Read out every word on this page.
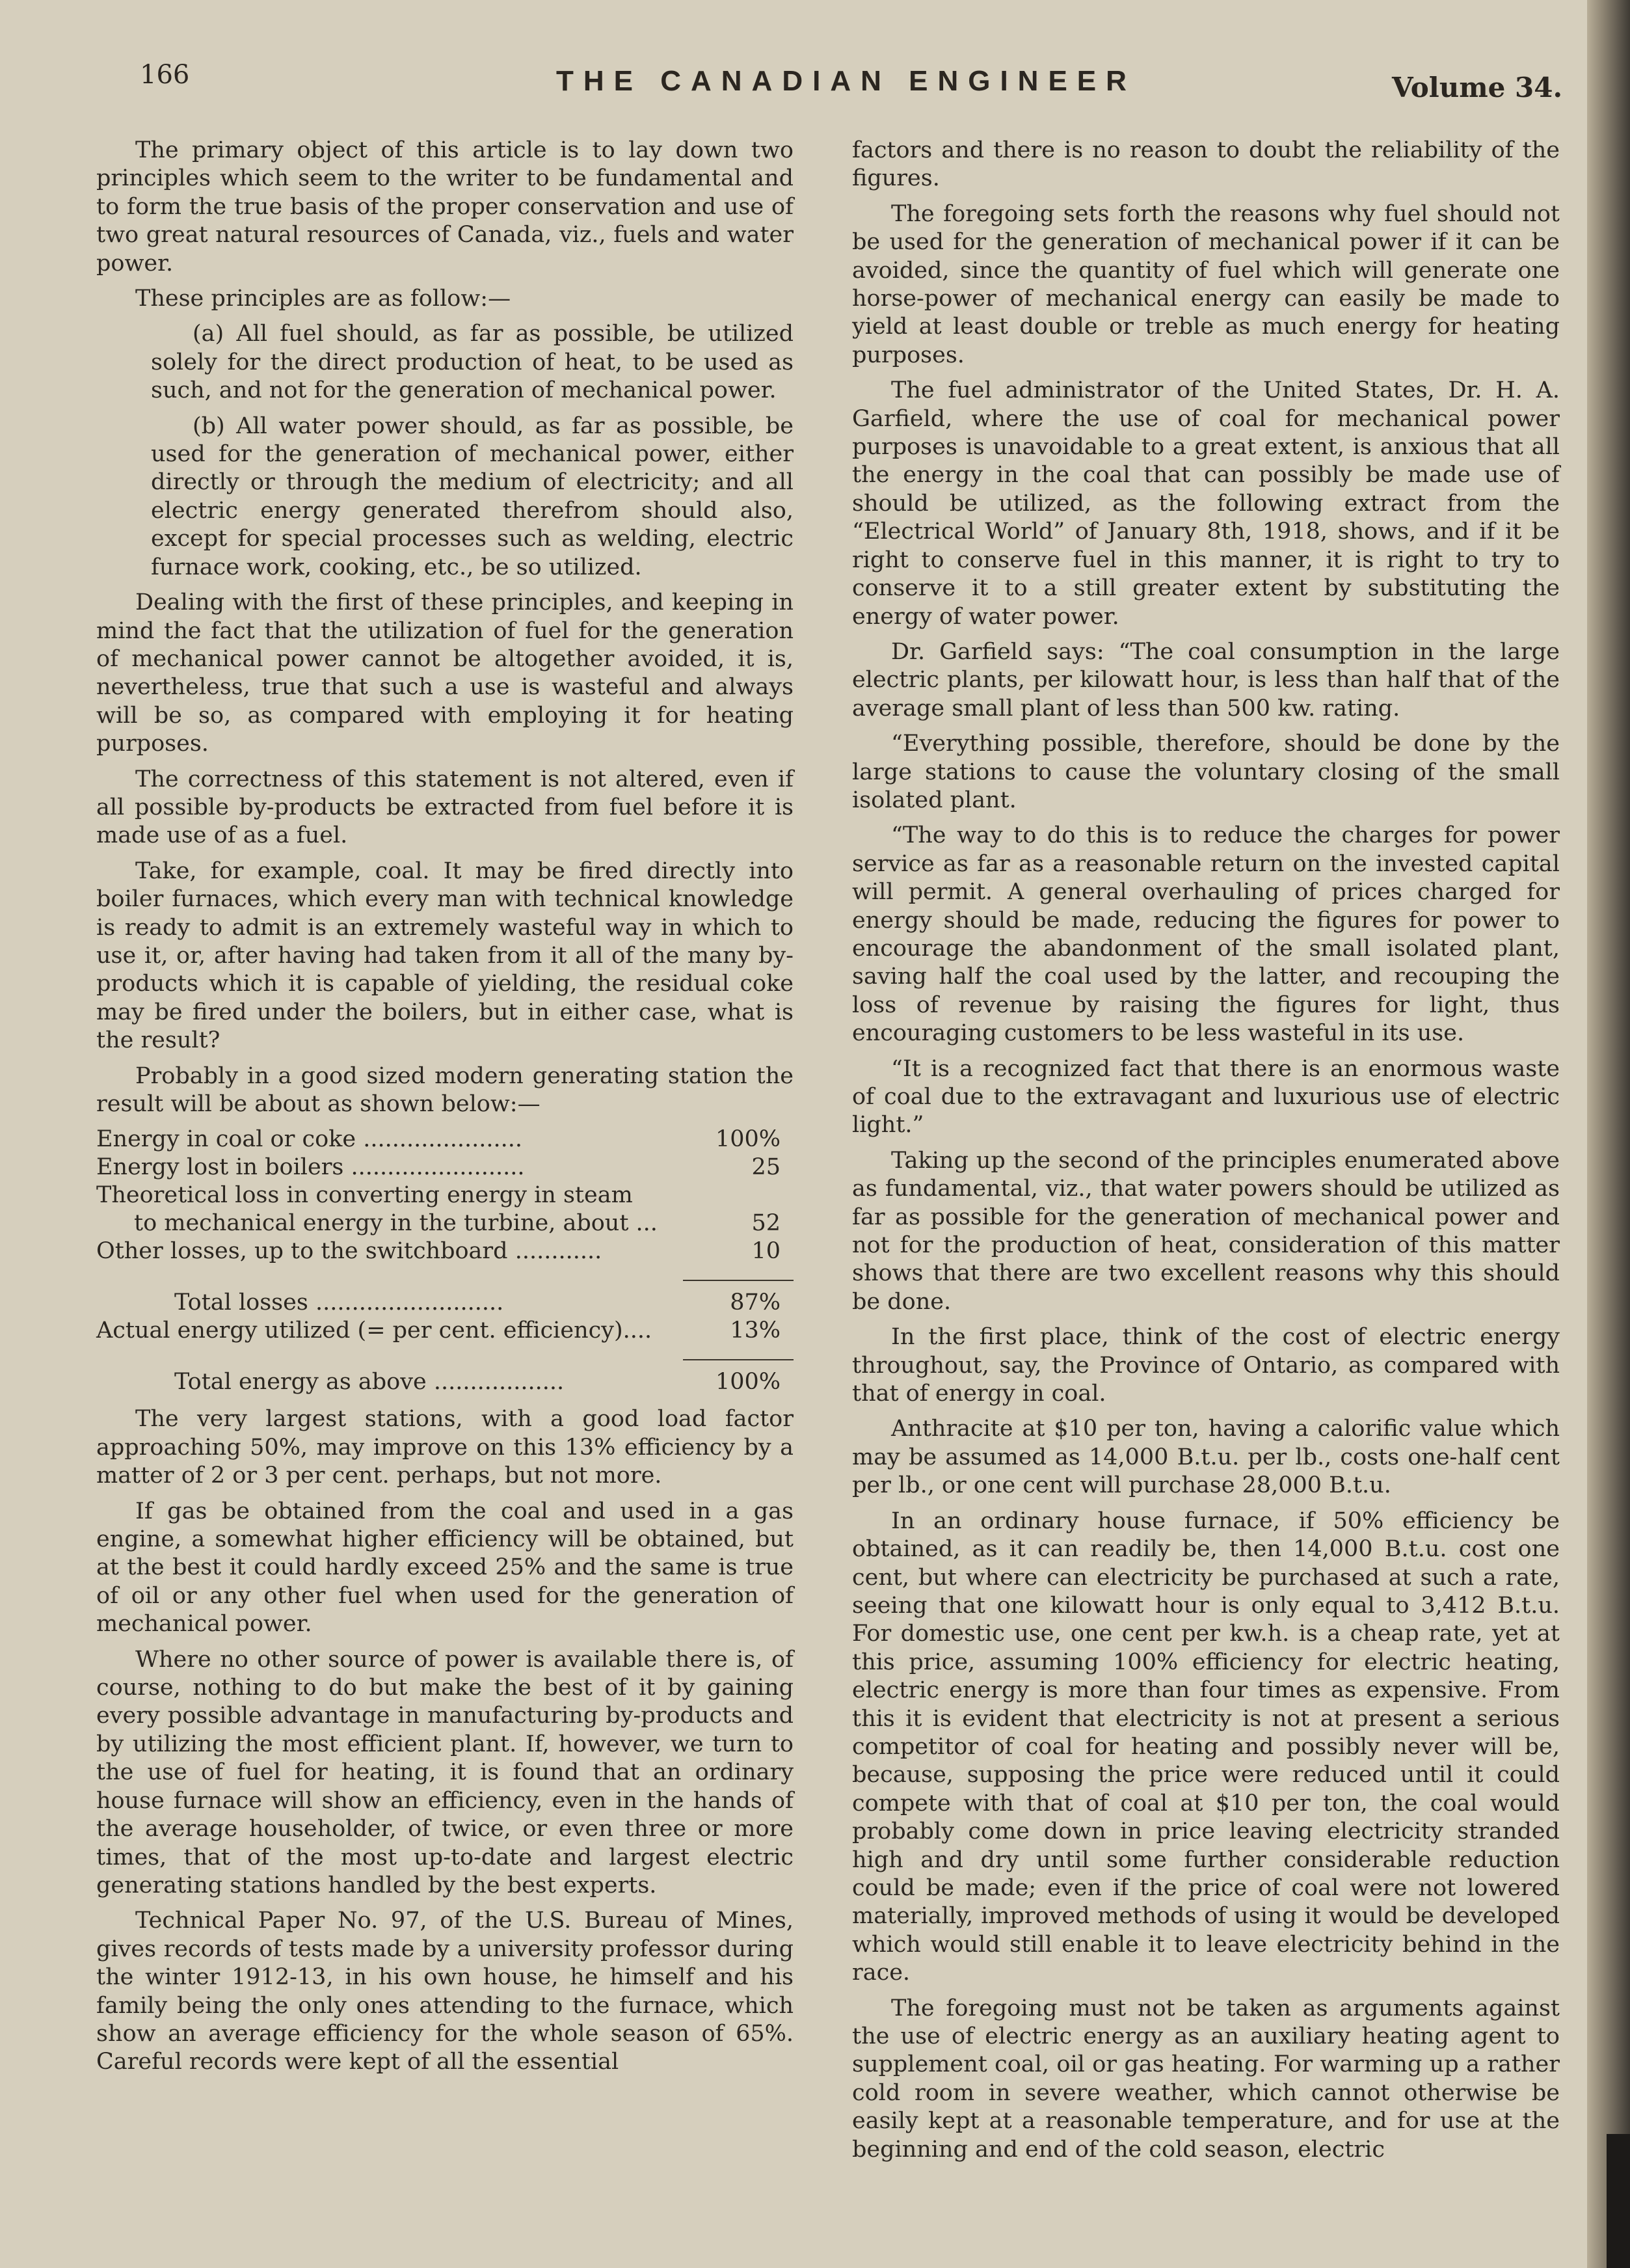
166	THE CANADIAN ENGINEER	Volume 34.

The primary object of this article is to lay down two principles which seem to the writer to be fundamental and to form the true basis of the proper conservation and use of two great natural resources of Canada, viz., fuels and water power.

These principles are as follow:—

(a) All fuel should, as far as possible, be utilized solely for the direct production of heat, to be used as such, and not for the generation of mechanical power.

(b) All water power should, as far as possible, be used for the generation of mechanical power, either directly or through the medium of electricity; and all electric energy generated therefrom should also, except for special processes such as welding, electric furnace work, cooking, etc., be so utilized.

Dealing with the first of these principles, and keeping in mind the fact that the utilization of fuel for the generation of mechanical power cannot be altogether avoided, it is, nevertheless, true that such a use is wasteful and always will be so, as compared with employing it for heating purposes.

The correctness of this statement is not altered, even if all possible by-products be extracted from fuel before it is made use of as a fuel.

Take, for example, coal. It may be fired directly into boiler furnaces, which every man with technical knowledge is ready to admit is an extremely wasteful way in which to use it, or, after having had taken from it all of the many by-products which it is capable of yielding, the residual coke may be fired under the boilers, but in either case, what is the result?

Probably in a good sized modern generating station the result will be about as shown below:—

Energy in coal or coke ......................	100%
Energy lost in boilers ........................	25
Theoretical loss in converting energy in steam	
to mechanical energy in the turbine, about ...	52
Other losses, up to the switchboard ............	10

Total losses ..........................	87%
Actual energy utilized (= per cent. efficiency)....	13%

Total energy as above ..................	100%

The very largest stations, with a good load factor approaching 50%, may improve on this 13% efficiency by a matter of 2 or 3 per cent. perhaps, but not more.

If gas be obtained from the coal and used in a gas engine, a somewhat higher efficiency will be obtained, but at the best it could hardly exceed 25% and the same is true of oil or any other fuel when used for the generation of mechanical power.

Where no other source of power is available there is, of course, nothing to do but make the best of it by gaining every possible advantage in manufacturing by-products and by utilizing the most efficient plant. If, however, we turn to the use of fuel for heating, it is found that an ordinary house furnace will show an efficiency, even in the hands of the average householder, of twice, or even three or more times, that of the most up-to-date and largest electric generating stations handled by the best experts.

Technical Paper No. 97, of the U.S. Bureau of Mines, gives records of tests made by a university professor during the winter 1912-13, in his own house, he himself and his family being the only ones attending to the furnace, which show an average efficiency for the whole season of 65%. Careful records were kept of all the essential

factors and there is no reason to doubt the reliability of the figures.

The foregoing sets forth the reasons why fuel should not be used for the generation of mechanical power if it can be avoided, since the quantity of fuel which will generate one horse-power of mechanical energy can easily be made to yield at least double or treble as much energy for heating purposes.

The fuel administrator of the United States, Dr. H. A. Garfield, where the use of coal for mechanical power purposes is unavoidable to a great extent, is anxious that all the energy in the coal that can possibly be made use of should be utilized, as the following extract from the “Electrical World” of January 8th, 1918, shows, and if it be right to conserve fuel in this manner, it is right to try to conserve it to a still greater extent by substituting the energy of water power.

Dr. Garfield says: “The coal consumption in the large electric plants, per kilowatt hour, is less than half that of the average small plant of less than 500 kw. rating.

“Everything possible, therefore, should be done by the large stations to cause the voluntary closing of the small isolated plant.

“The way to do this is to reduce the charges for power service as far as a reasonable return on the invested capital will permit. A general overhauling of prices charged for energy should be made, reducing the figures for power to encourage the abandonment of the small isolated plant, saving half the coal used by the latter, and recouping the loss of revenue by raising the figures for light, thus encouraging customers to be less wasteful in its use.

“It is a recognized fact that there is an enormous waste of coal due to the extravagant and luxurious use of electric light.”

Taking up the second of the principles enumerated above as fundamental, viz., that water powers should be utilized as far as possible for the generation of mechanical power and not for the production of heat, consideration of this matter shows that there are two excellent reasons why this should be done.

In the first place, think of the cost of electric energy throughout, say, the Province of Ontario, as compared with that of energy in coal.

Anthracite at $10 per ton, having a calorific value which may be assumed as 14,000 B.t.u. per lb., costs one-half cent per lb., or one cent will purchase 28,000 B.t.u.

In an ordinary house furnace, if 50% efficiency be obtained, as it can readily be, then 14,000 B.t.u. cost one cent, but where can electricity be purchased at such a rate, seeing that one kilowatt hour is only equal to 3,412 B.t.u. For domestic use, one cent per kw.h. is a cheap rate, yet at this price, assuming 100% efficiency for electric heating, electric energy is more than four times as expensive. From this it is evident that electricity is not at present a serious competitor of coal for heating and possibly never will be, because, supposing the price were reduced until it could compete with that of coal at $10 per ton, the coal would probably come down in price leaving electricity stranded high and dry until some further considerable reduction could be made; even if the price of coal were not lowered materially, improved methods of using it would be developed which would still enable it to leave electricity behind in the race.

The foregoing must not be taken as arguments against the use of electric energy as an auxiliary heating agent to supplement coal, oil or gas heating. For warming up a rather cold room in severe weather, which cannot otherwise be easily kept at a reasonable temperature, and for use at the beginning and end of the cold season, electric
